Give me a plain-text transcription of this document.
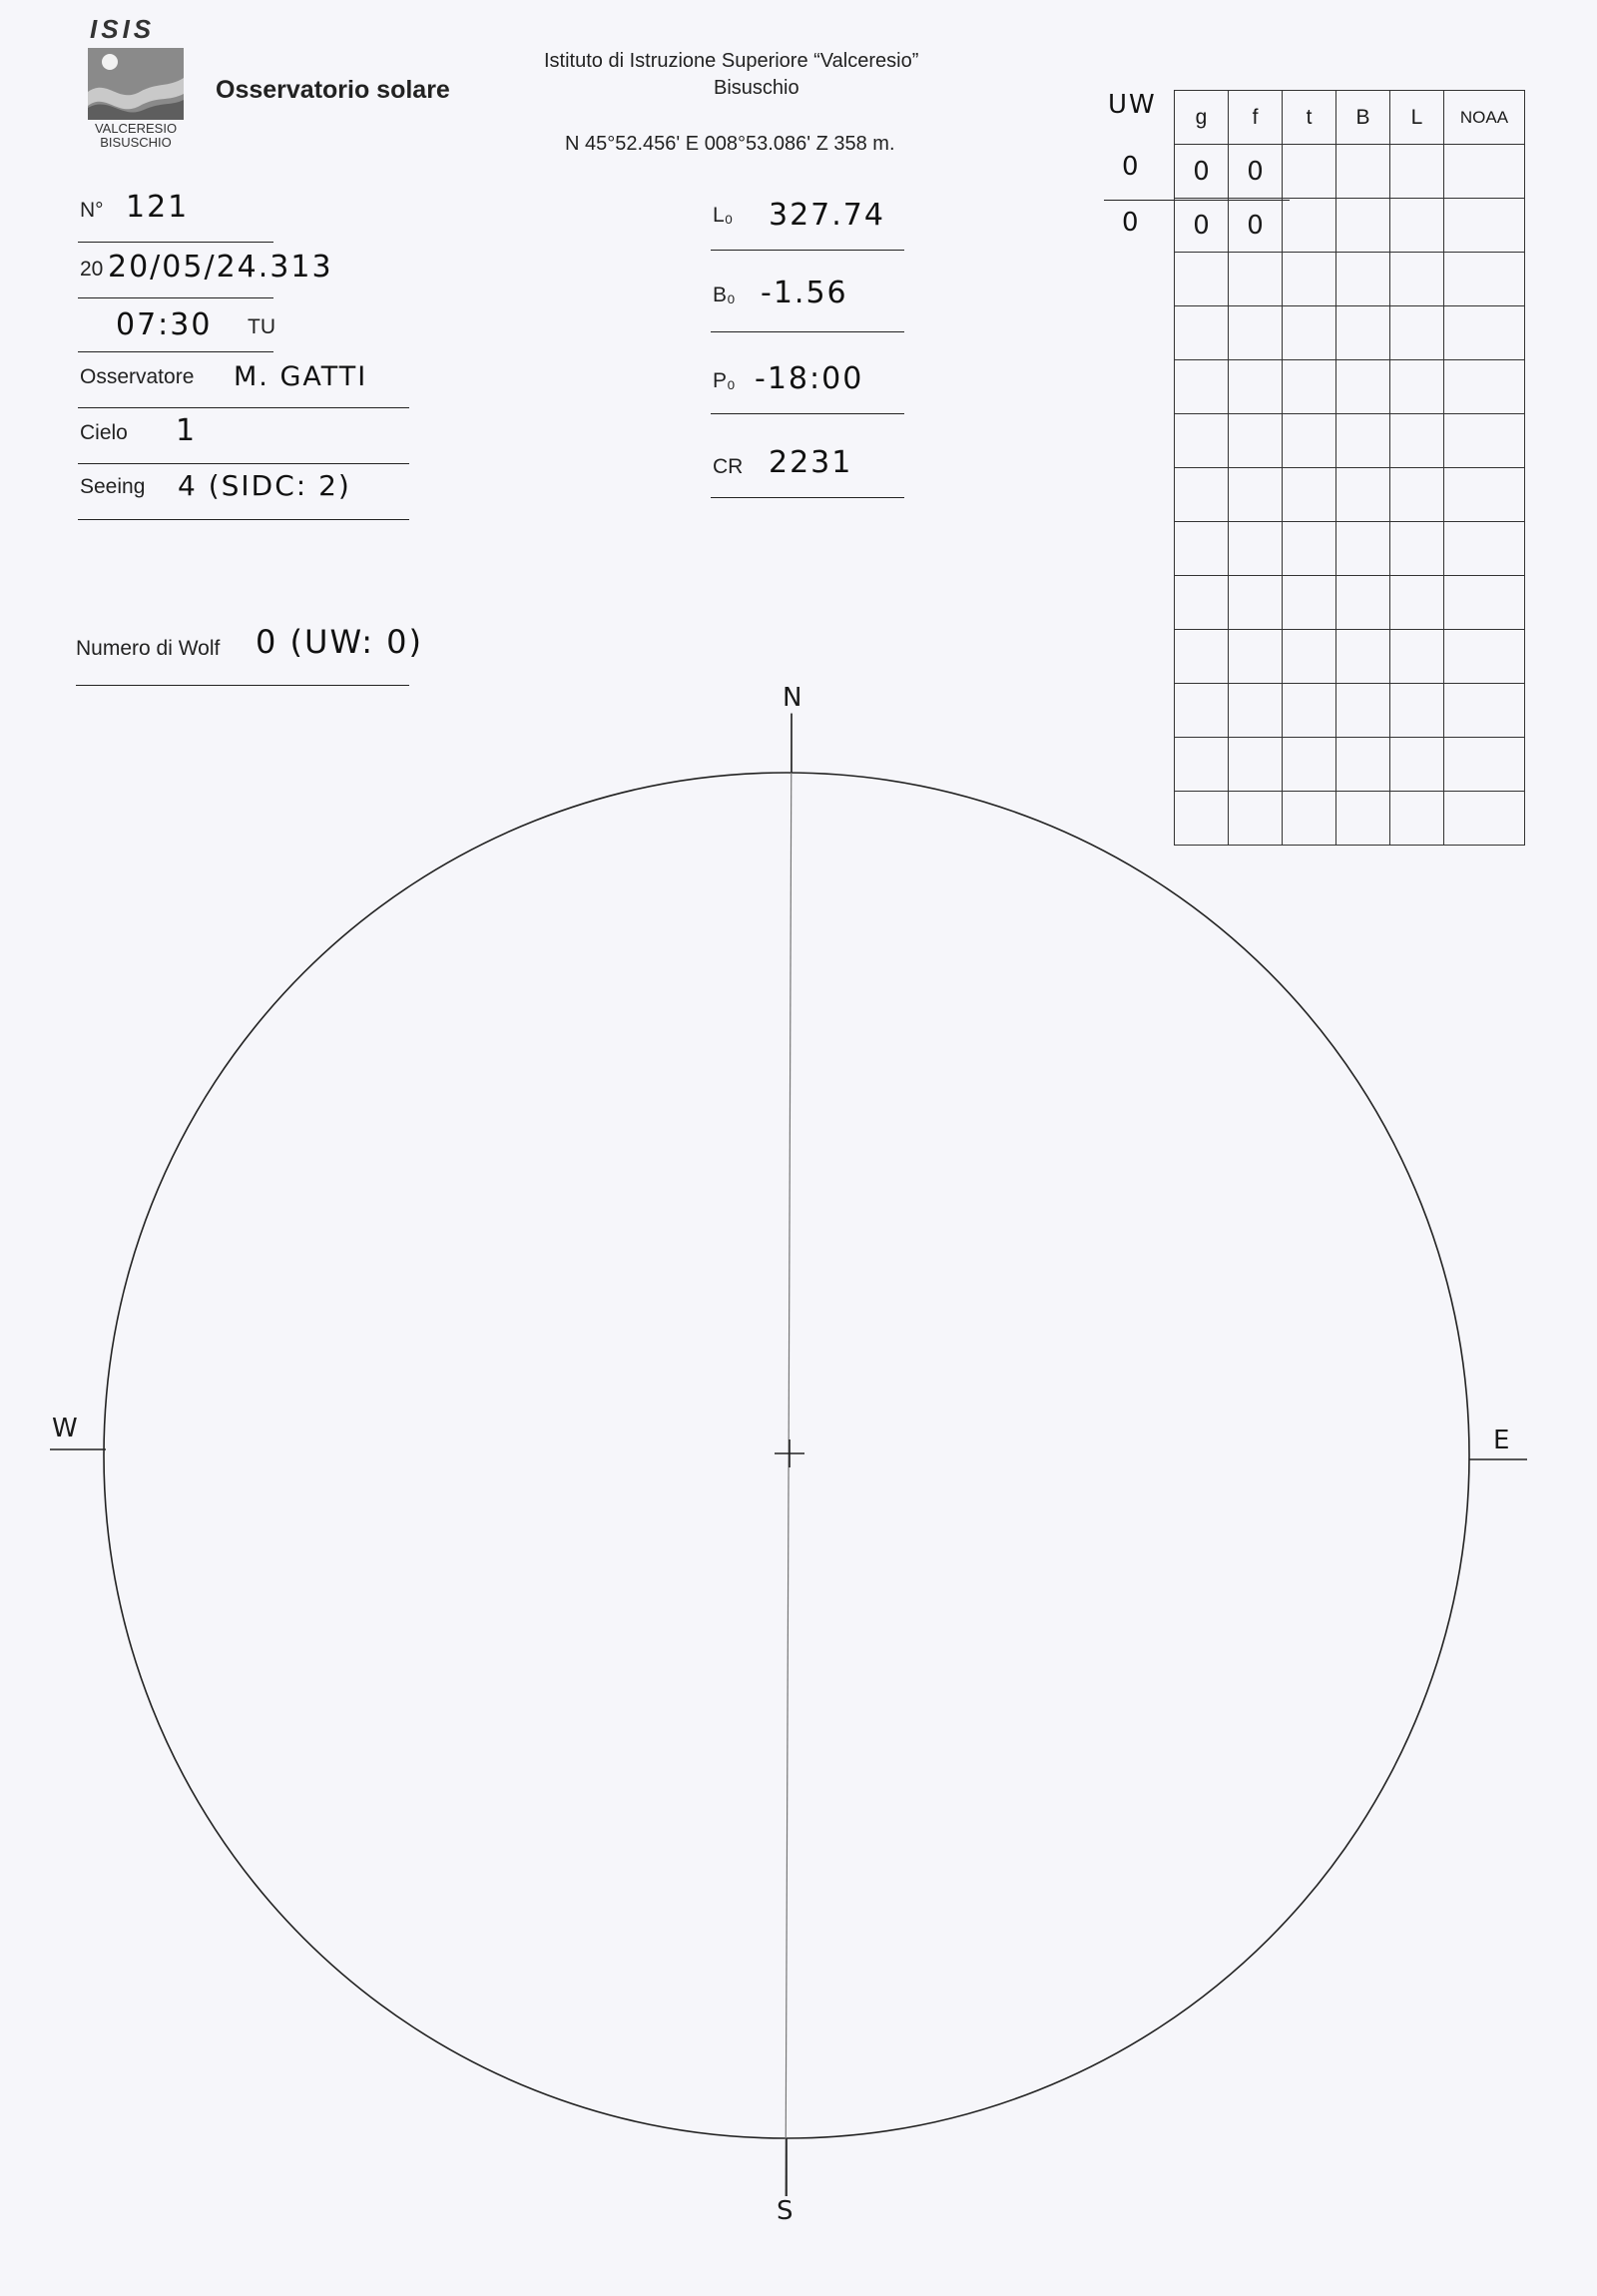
ISIS
VALCERESIO
BISUSCHIO
Osservatorio solare
Istituto di Istruzione Superiore “Valceresio”
Bisuschio
N 45°52.456' E 008°53.086' Z 358 m.
N° 121
20 20/05/24.313
07:30 TU
Osservatore M. GATTI
Cielo 1
Seeing 4 (SIDC: 2)
Numero di Wolf 0 (UW: 0)
L₀ 327.74
B₀ -1.56
P₀ -18:00
CR 2231
UW
0
0
g	f	t	B	L	NOAA
0	0				
0	0				

N
S
W	E
